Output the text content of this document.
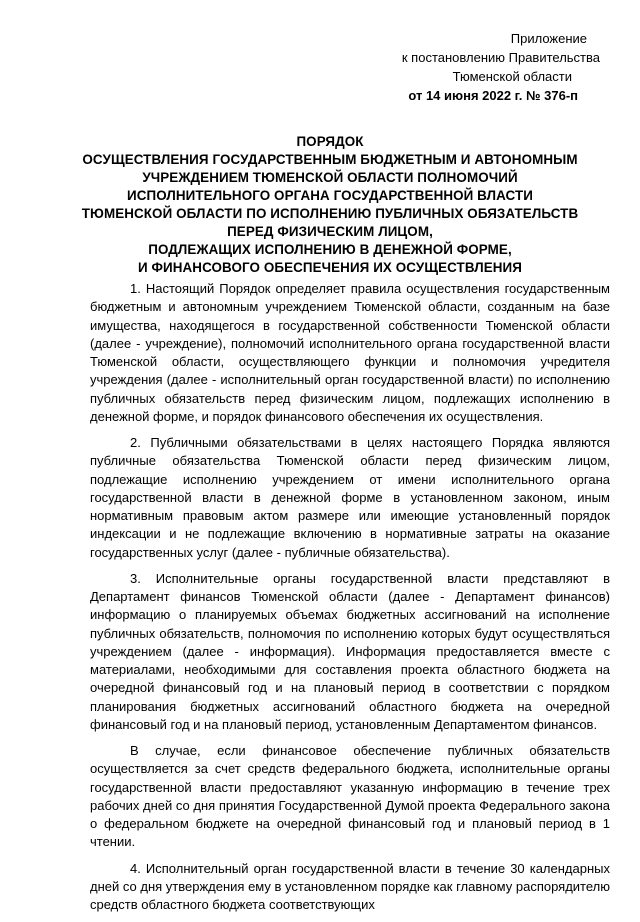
Приложение
к постановлению Правительства
Тюменской области
от 14 июня 2022 г. № 376-п
ПОРЯДОК
ОСУЩЕСТВЛЕНИЯ ГОСУДАРСТВЕННЫМ БЮДЖЕТНЫМ И АВТОНОМНЫМ
УЧРЕЖДЕНИЕМ ТЮМЕНСКОЙ ОБЛАСТИ ПОЛНОМОЧИЙ
ИСПОЛНИТЕЛЬНОГО ОРГАНА ГОСУДАРСТВЕННОЙ ВЛАСТИ
ТЮМЕНСКОЙ ОБЛАСТИ ПО ИСПОЛНЕНИЮ ПУБЛИЧНЫХ ОБЯЗАТЕЛЬСТВ
ПЕРЕД ФИЗИЧЕСКИМ ЛИЦОМ,
ПОДЛЕЖАЩИХ ИСПОЛНЕНИЮ В ДЕНЕЖНОЙ ФОРМЕ,
И ФИНАНСОВОГО ОБЕСПЕЧЕНИЯ ИХ ОСУЩЕСТВЛЕНИЯ

1. Настоящий Порядок определяет правила осуществления государственным бюджетным и автономным учреждением Тюменской области, созданным на базе имущества, находящегося в государственной собственности Тюменской области (далее - учреждение), полномочий исполнительного органа государственной власти Тюменской области, осуществляющего функции и полномочия учредителя учреждения (далее - исполнительный орган государственной власти) по исполнению публичных обязательств перед физическим лицом, подлежащих исполнению в денежной форме, и порядок финансового обеспечения их осуществления.

2. Публичными обязательствами в целях настоящего Порядка являются публичные обязательства Тюменской области перед физическим лицом, подлежащие исполнению учреждением от имени исполнительного органа государственной власти в денежной форме в установленном законом, иным нормативным правовым актом размере или имеющие установленный порядок индексации и не подлежащие включению в нормативные затраты на оказание государственных услуг (далее - публичные обязательства).

3. Исполнительные органы государственной власти представляют в Департамент финансов Тюменской области (далее - Департамент финансов) информацию о планируемых объемах бюджетных ассигнований на исполнение публичных обязательств, полномочия по исполнению которых будут осуществляться учреждением (далее - информация). Информация предоставляется вместе с материалами, необходимыми для составления проекта областного бюджета на очередной финансовый год и на плановый период в соответствии с порядком планирования бюджетных ассигнований областного бюджета на очередной финансовый год и на плановый период, установленным Департаментом финансов.

В случае, если финансовое обеспечение публичных обязательств осуществляется за счет средств федерального бюджета, исполнительные органы государственной власти предоставляют указанную информацию в течение трех рабочих дней со дня принятия Государственной Думой проекта Федерального закона о федеральном бюджете на очередной финансовый год и плановый период в 1 чтении.

4. Исполнительный орган государственной власти в течение 30 календарных дней со дня утверждения ему в установленном порядке как главному распорядителю средств областного бюджета соответствующих
